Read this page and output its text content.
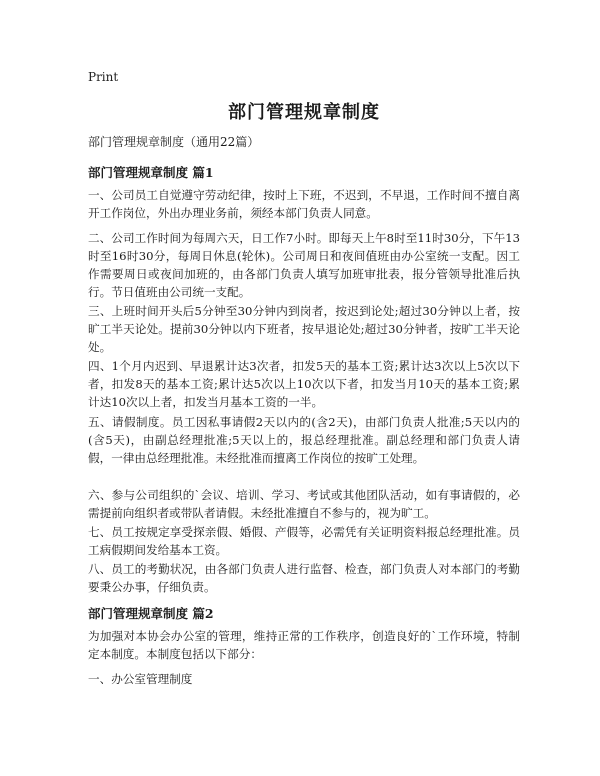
Print
部门管理规章制度
部门管理规章制度（通用22篇）
部门管理规章制度 篇1
一、公司员工自觉遵守劳动纪律，按时上下班，不迟到，不早退，工作时间不擅自离开工作岗位，外出办理业务前，须经本部门负责人同意。
二、公司工作时间为每周六天，日工作7小时。即每天上午8时至11时30分，下午13时至16时30分，每周日休息(轮休)。公司周日和夜间值班由办公室统一支配。因工作需要周日或夜间加班的，由各部门负责人填写加班审批表，报分管领导批准后执行。节日值班由公司统一支配。
三、上班时间开头后5分钟至30分钟内到岗者，按迟到论处;超过30分钟以上者，按旷工半天论处。提前30分钟以内下班者，按早退论处;超过30分钟者，按旷工半天论处。
四、1个月内迟到、早退累计达3次者，扣发5天的基本工资;累计达3次以上5次以下者，扣发8天的基本工资;累计达5次以上10次以下者，扣发当月10天的基本工资;累计达10次以上者，扣发当月基本工资的一半。
五、请假制度。员工因私事请假2天以内的(含2天)，由部门负责人批准;5天以内的(含5天)，由副总经理批准;5天以上的，报总经理批准。副总经理和部门负责人请假，一律由总经理批准。未经批准而擅离工作岗位的按旷工处理。
六、参与公司组织的`会议、培训、学习、考试或其他团队活动，如有事请假的，必需提前向组织者或带队者请假。未经批准擅自不参与的，视为旷工。
七、员工按规定享受探亲假、婚假、产假等，必需凭有关证明资料报总经理批准。员工病假期间发给基本工资。
八、员工的考勤状况，由各部门负责人进行监督、检查，部门负责人对本部门的考勤要秉公办事，仔细负责。
部门管理规章制度 篇2
为加强对本协会办公室的管理，维持正常的工作秩序，创造良好的`工作环境，特制定本制度。本制度包括以下部分：
一、办公室管理制度
